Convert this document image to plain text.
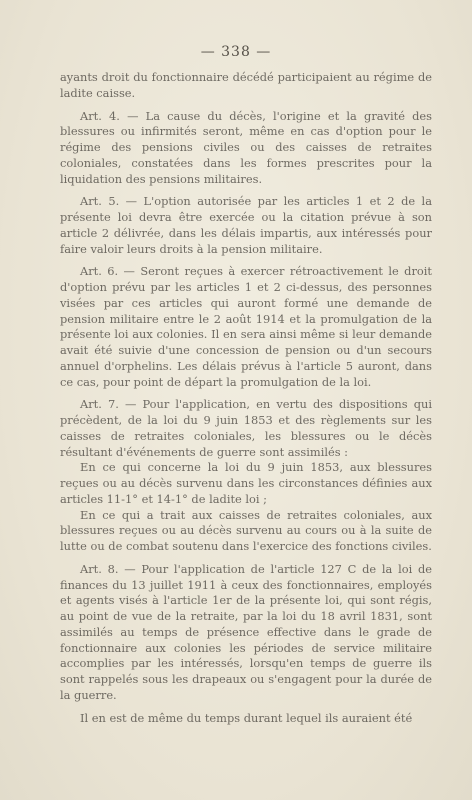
— 338 —

ayants droit du fonctionnaire décédé participaient au régime de ladite caisse.

Art. 4. — La cause du décès, l'origine et la gravité des blessures ou infirmités seront, même en cas d'option pour le régime des pensions civiles ou des caisses de retraites coloniales, constatées dans les formes prescrites pour la liquidation des pensions militaires.

Art. 5. — L'option autorisée par les articles 1 et 2 de la présente loi devra être exercée ou la citation prévue à son article 2 délivrée, dans les délais impartis, aux intéressés pour faire valoir leurs droits à la pension militaire.

Art. 6. — Seront reçues à exercer rétroactivement le droit d'option prévu par les articles 1 et 2 ci-dessus, des personnes visées par ces articles qui auront formé une demande de pension militaire entre le 2 août 1914 et la promulgation de la présente loi aux colonies. Il en sera ainsi même si leur demande avait été suivie d'une concession de pension ou d'un secours annuel d'orphelins. Les délais prévus à l'article 5 auront, dans ce cas, pour point de départ la promulgation de la loi.

Art. 7. — Pour l'application, en vertu des dispositions qui précèdent, de la loi du 9 juin 1853 et des règlements sur les caisses de retraites coloniales, les blessures ou le décès résultant d'événements de guerre sont assimilés :

En ce qui concerne la loi du 9 juin 1853, aux blessures reçues ou au décès survenu dans les circonstances définies aux articles 11-1° et 14-1° de ladite loi ;

En ce qui a trait aux caisses de retraites coloniales, aux blessures reçues ou au décès survenu au cours ou à la suite de lutte ou de combat soutenu dans l'exercice des fonctions civiles.

Art. 8. — Pour l'application de l'article 127 C de la loi de finances du 13 juillet 1911 à ceux des fonctionnaires, employés et agents visés à l'article 1er de la présente loi, qui sont régis, au point de vue de la retraite, par la loi du 18 avril 1831, sont assimilés au temps de présence effective dans le grade de fonctionnaire aux colonies les périodes de service militaire accomplies par les intéressés, lorsqu'en temps de guerre ils sont rappelés sous les drapeaux ou s'engagent pour la durée de la guerre.

Il en est de même du temps durant lequel ils auraient été
